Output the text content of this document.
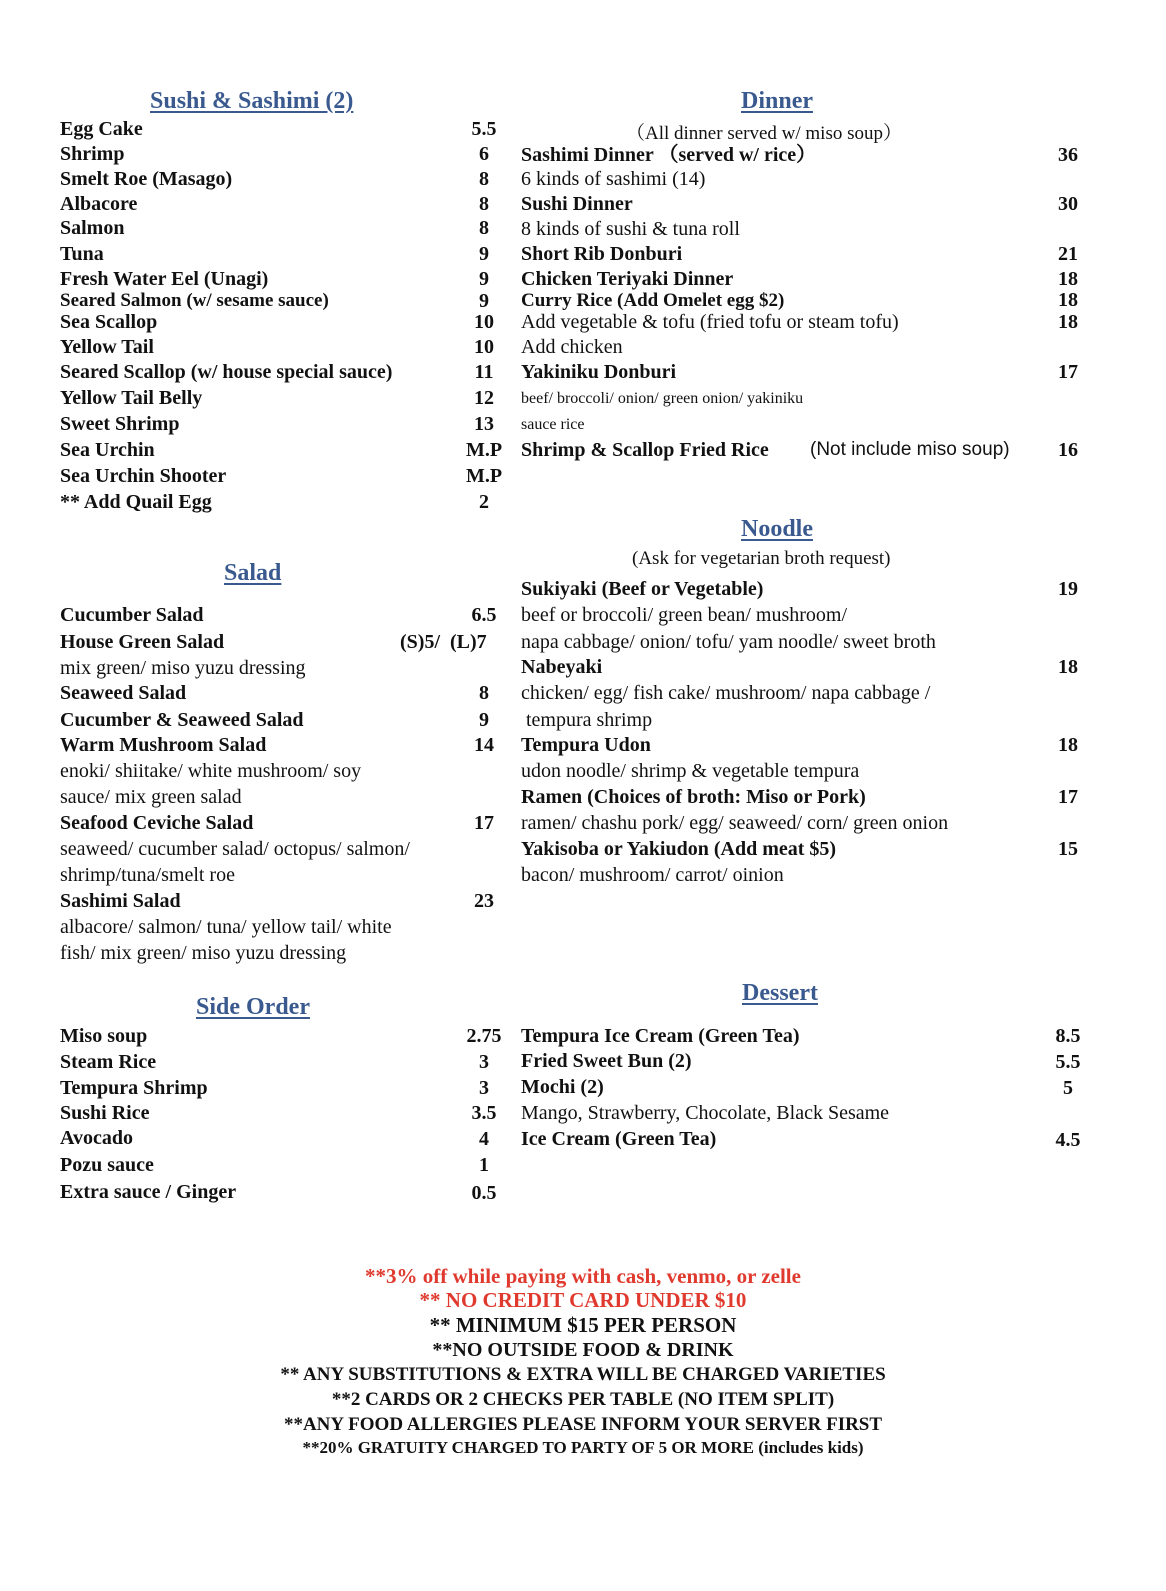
Sushi & Sashimi (2)
Egg Cake	5.5
Shrimp	6
Smelt Roe (Masago)	8
Albacore	8
Salmon	8
Tuna	9
Fresh Water Eel (Unagi)	9
Seared Salmon (w/ sesame sauce)	9
Sea Scallop	10
Yellow Tail	10
Seared Scallop (w/ house special sauce)	11
Yellow Tail Belly	12
Sweet Shrimp	13
Sea Urchin	M.P
Sea Urchin Shooter	M.P
** Add Quail Egg	2
Salad
Cucumber Salad	6.5
House Green Salad	(S)5/  (L)7
mix green/ miso yuzu dressing
Seaweed Salad	8
Cucumber & Seaweed Salad	9
Warm Mushroom Salad	14
enoki/ shiitake/ white mushroom/ soy
sauce/ mix green salad
Seafood Ceviche Salad	17
seaweed/ cucumber salad/ octopus/ salmon/
shrimp/tuna/smelt roe
Sashimi Salad	23
albacore/ salmon/ tuna/ yellow tail/ white
fish/ mix green/ miso yuzu dressing
Side Order
Miso soup	2.75
Steam Rice	3
Tempura Shrimp	3
Sushi Rice	3.5
Avocado	4
Pozu sauce	1
Extra sauce / Ginger	0.5
Dinner
（All dinner served w/ miso soup）
Sashimi Dinner （served w/ rice）	36
6 kinds of sashimi (14)
Sushi Dinner	30
8 kinds of sushi & tuna roll
Short Rib Donburi	21
Chicken Teriyaki Dinner	18
Curry Rice (Add Omelet egg $2)	18
Add vegetable & tofu (fried tofu or steam tofu)	18
Add chicken
Yakiniku Donburi	17
beef/ broccoli/ onion/ green onion/ yakiniku
sauce rice
Shrimp & Scallop Fried Rice (Not include miso soup)	16
Noodle
(Ask for vegetarian broth request)
Sukiyaki (Beef or Vegetable)	19
beef or broccoli/ green bean/ mushroom/
napa cabbage/ onion/ tofu/ yam noodle/ sweet broth
Nabeyaki	18
chicken/ egg/ fish cake/ mushroom/ napa cabbage /
tempura shrimp
Tempura Udon	18
udon noodle/ shrimp & vegetable tempura
Ramen (Choices of broth: Miso or Pork)	17
ramen/ chashu pork/ egg/ seaweed/ corn/ green onion
Yakisoba or Yakiudon (Add meat $5)	15
bacon/ mushroom/ carrot/ oinion
Dessert
Tempura Ice Cream (Green Tea)	8.5
Fried Sweet Bun (2)	5.5
Mochi (2)	5
Mango, Strawberry, Chocolate, Black Sesame
Ice Cream (Green Tea)	4.5
**3% off while paying with cash, venmo, or zelle
** NO CREDIT CARD UNDER $10
** MINIMUM $15 PER PERSON
**NO OUTSIDE FOOD & DRINK
** ANY SUBSTITUTIONS & EXTRA WILL BE CHARGED VARIETIES
**2 CARDS OR 2 CHECKS PER TABLE (NO ITEM SPLIT)
**ANY FOOD ALLERGIES PLEASE INFORM YOUR SERVER FIRST
**20% GRATUITY CHARGED TO PARTY OF 5 OR MORE (includes kids)
